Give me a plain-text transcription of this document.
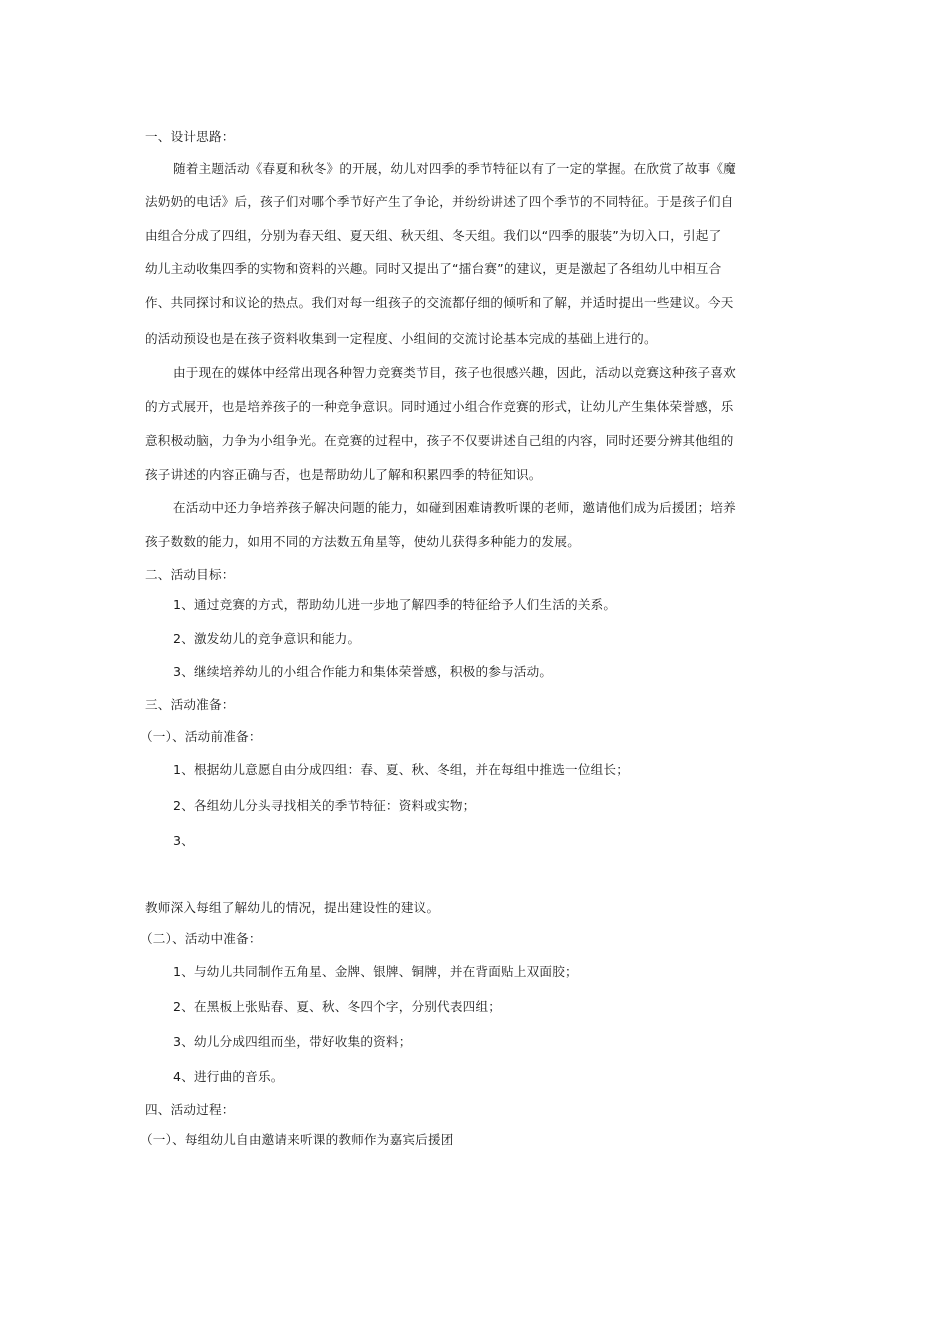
一、设计思路：
随着主题活动《春夏和秋冬》的开展，幼儿对四季的季节特征以有了一定的掌握。在欣赏了故事《魔
法奶奶的电话》后，孩子们对哪个季节好产生了争论，并纷纷讲述了四个季节的不同特征。于是孩子们自
由组合分成了四组，分别为春天组、夏天组、秋天组、冬天组。我们以“四季的服装”为切入口，引起了
幼儿主动收集四季的实物和资料的兴趣。同时又提出了“擂台赛”的建议，更是激起了各组幼儿中相互合
作、共同探讨和议论的热点。我们对每一组孩子的交流都仔细的倾听和了解，并适时提出一些建议。今天
的活动预设也是在孩子资料收集到一定程度、小组间的交流讨论基本完成的基础上进行的。
由于现在的媒体中经常出现各种智力竞赛类节目，孩子也很感兴趣，因此，活动以竞赛这种孩子喜欢
的方式展开，也是培养孩子的一种竞争意识。同时通过小组合作竞赛的形式，让幼儿产生集体荣誉感，乐
意积极动脑，力争为小组争光。在竞赛的过程中，孩子不仅要讲述自己组的内容，同时还要分辨其他组的
孩子讲述的内容正确与否，也是帮助幼儿了解和积累四季的特征知识。
在活动中还力争培养孩子解决问题的能力，如碰到困难请教听课的老师，邀请他们成为后援团；培养
孩子数数的能力，如用不同的方法数五角星等，使幼儿获得多种能力的发展。
二、活动目标：
1、通过竞赛的方式，帮助幼儿进一步地了解四季的特征给予人们生活的关系。
2、激发幼儿的竞争意识和能力。
3、继续培养幼儿的小组合作能力和集体荣誉感，积极的参与活动。
三、活动准备：
（一）、活动前准备：
1、根据幼儿意愿自由分成四组：春、夏、秋、冬组，并在每组中推选一位组长；
2、各组幼儿分头寻找相关的季节特征：资料或实物；
3、
教师深入每组了解幼儿的情况，提出建设性的建议。
（二）、活动中准备：
1、与幼儿共同制作五角星、金牌、银牌、铜牌，并在背面贴上双面胶；
2、在黑板上张贴春、夏、秋、冬四个字，分别代表四组；
3、幼儿分成四组而坐，带好收集的资料；
4、进行曲的音乐。
四、活动过程：
（一）、每组幼儿自由邀请来听课的教师作为嘉宾后援团
